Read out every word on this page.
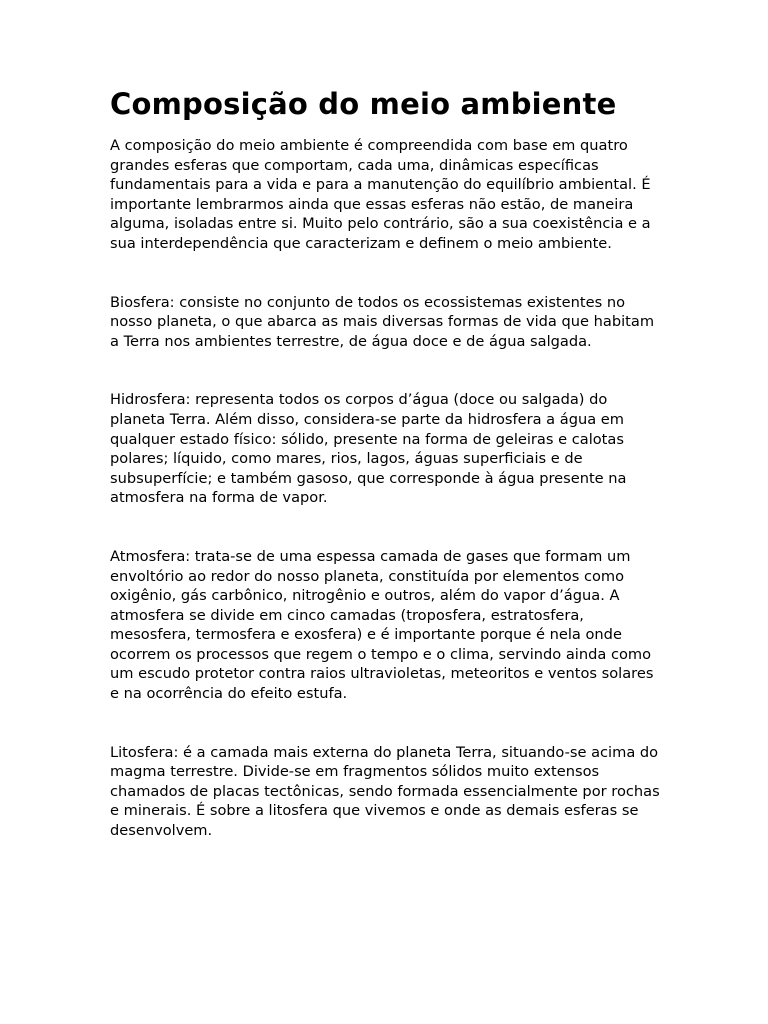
Composição do meio ambiente

A composição do meio ambiente é compreendida com base em quatro grandes esferas que comportam, cada uma, dinâmicas específicas fundamentais para a vida e para a manutenção do equilíbrio ambiental. É importante lembrarmos ainda que essas esferas não estão, de maneira alguma, isoladas entre si. Muito pelo contrário, são a sua coexistência e a sua interdependência que caracterizam e definem o meio ambiente.

Biosfera: consiste no conjunto de todos os ecossistemas existentes no nosso planeta, o que abarca as mais diversas formas de vida que habitam a Terra nos ambientes terrestre, de água doce e de água salgada.

Hidrosfera: representa todos os corpos d’água (doce ou salgada) do planeta Terra. Além disso, considera-se parte da hidrosfera a água em qualquer estado físico: sólido, presente na forma de geleiras e calotas polares; líquido, como mares, rios, lagos, águas superficiais e de subsuperfície; e também gasoso, que corresponde à água presente na atmosfera na forma de vapor.

Atmosfera: trata-se de uma espessa camada de gases que formam um envoltório ao redor do nosso planeta, constituída por elementos como oxigênio, gás carbônico, nitrogênio e outros, além do vapor d’água. A atmosfera se divide em cinco camadas (troposfera, estratosfera, mesosfera, termosfera e exosfera) e é importante porque é nela onde ocorrem os processos que regem o tempo e o clima, servindo ainda como um escudo protetor contra raios ultravioletas, meteoritos e ventos solares e na ocorrência do efeito estufa.

Litosfera: é a camada mais externa do planeta Terra, situando-se acima do magma terrestre. Divide-se em fragmentos sólidos muito extensos chamados de placas tectônicas, sendo formada essencialmente por rochas e minerais. É sobre a litosfera que vivemos e onde as demais esferas se desenvolvem.
